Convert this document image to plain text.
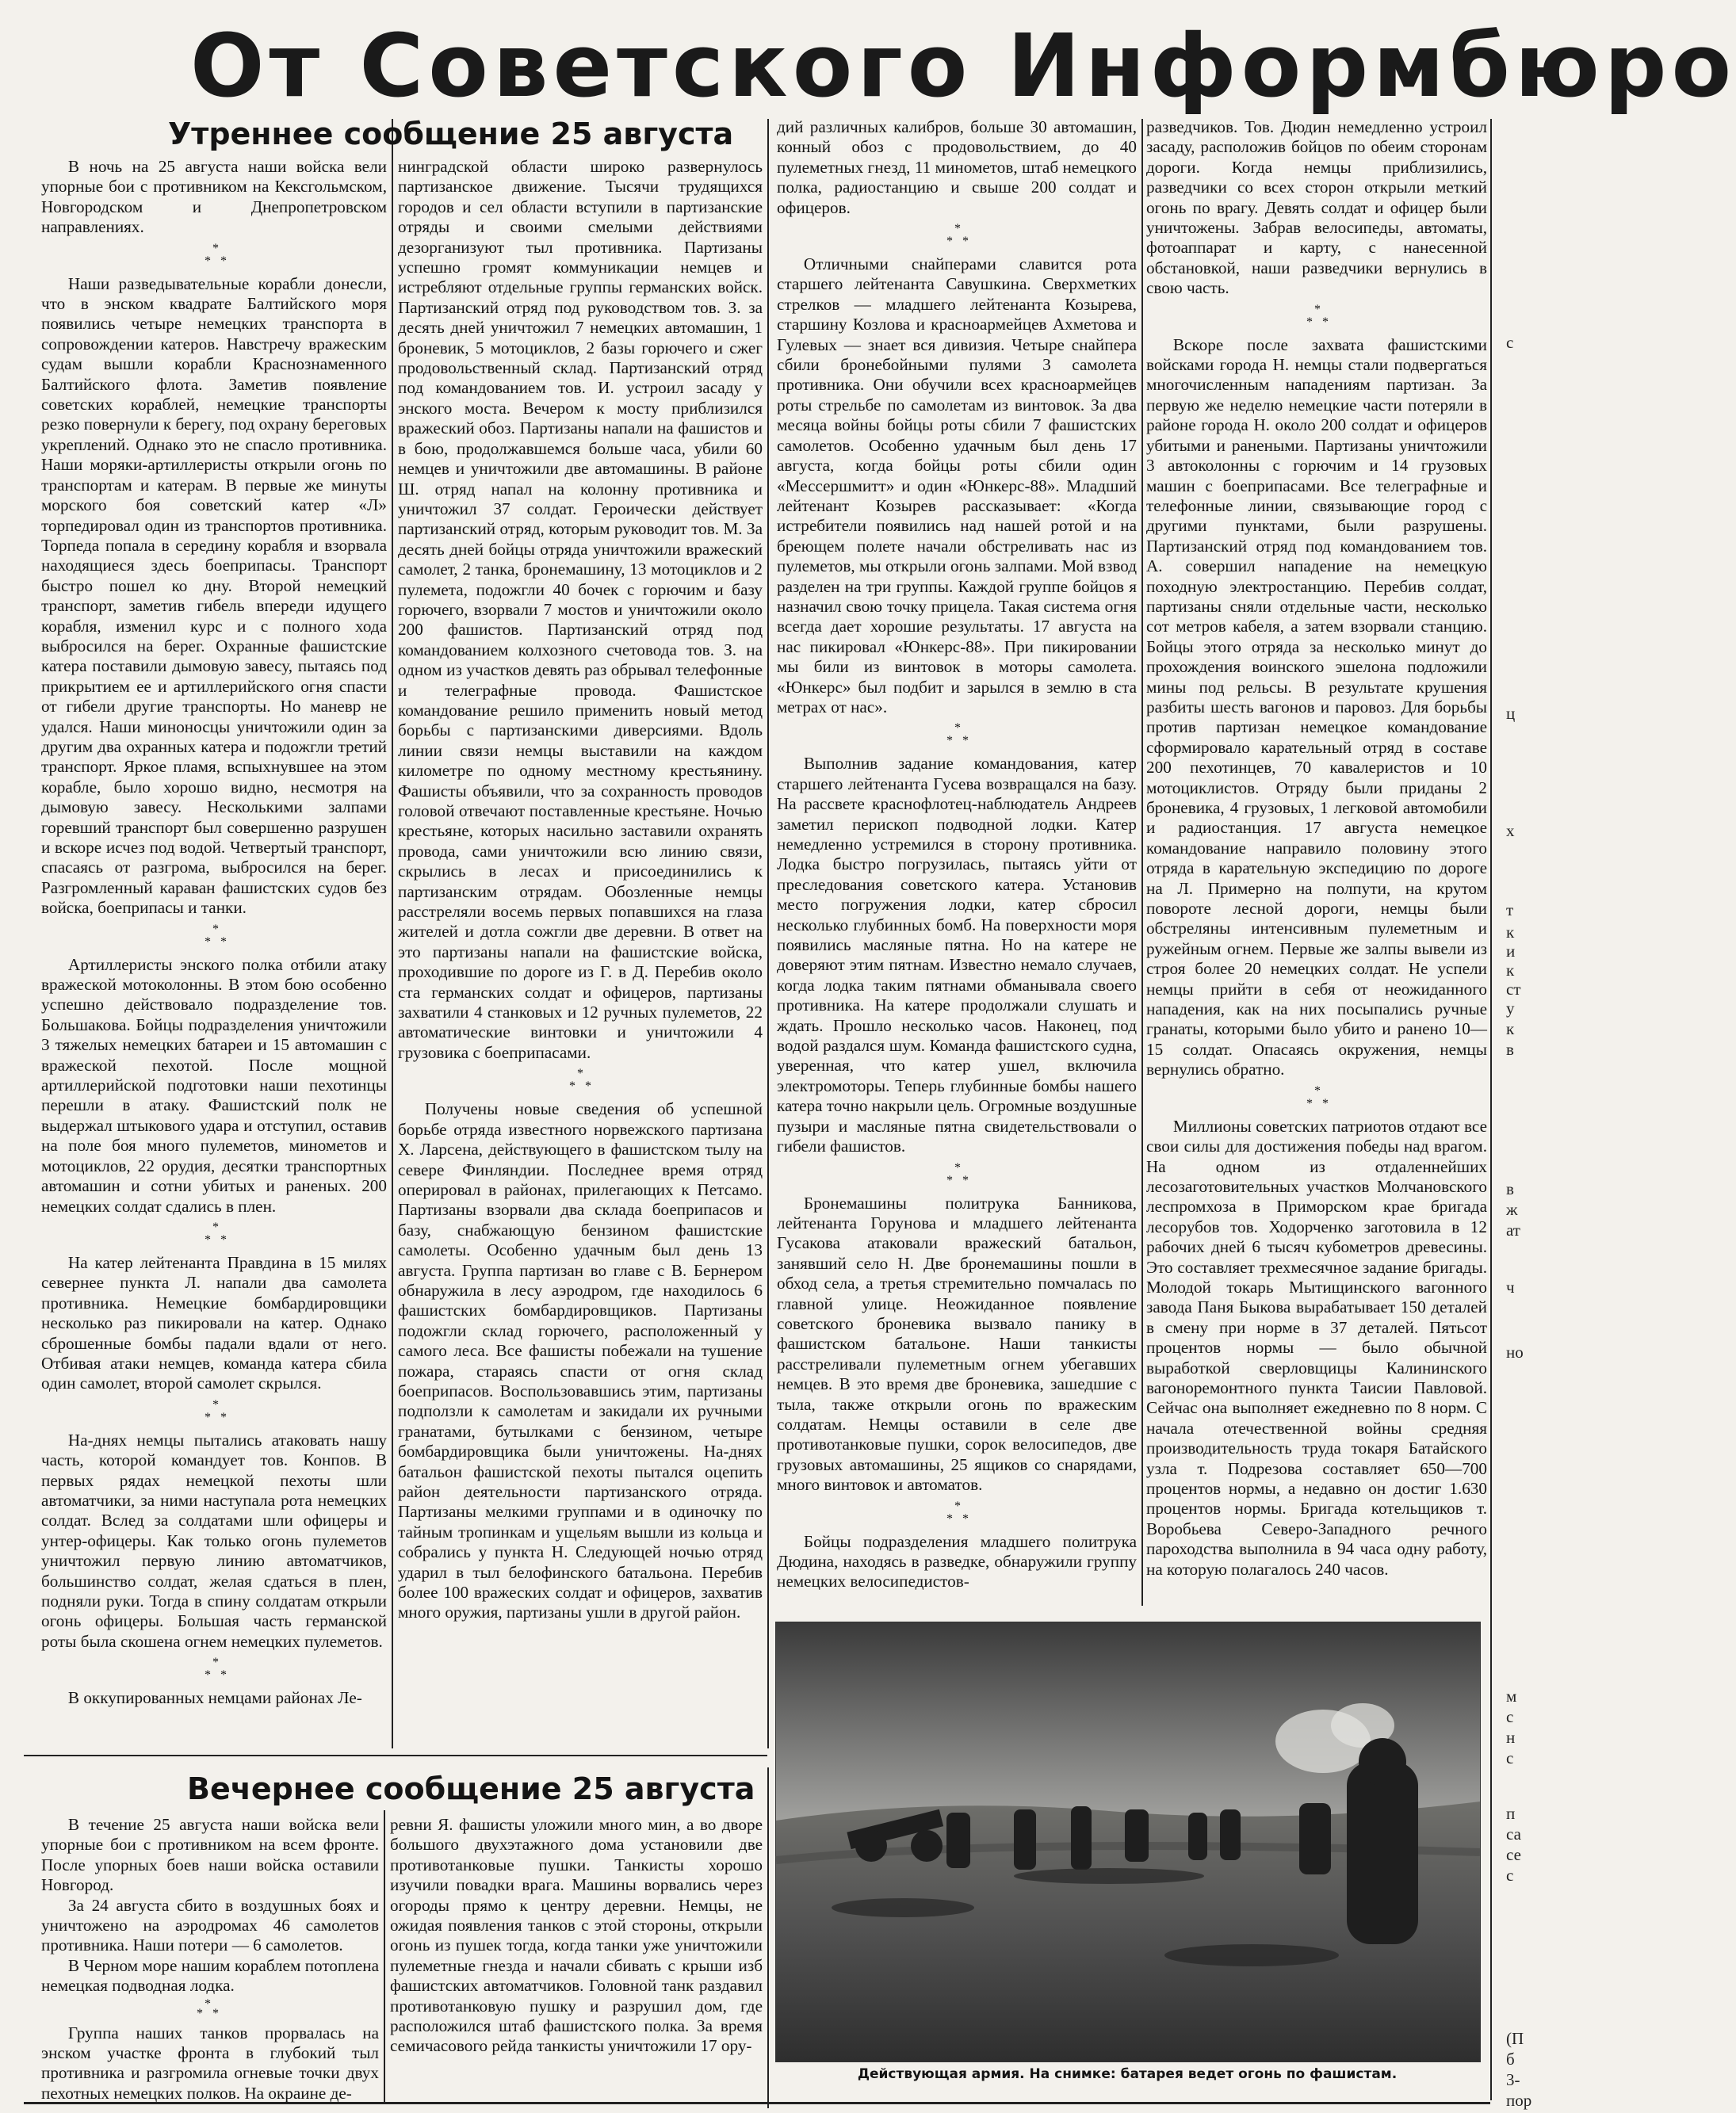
От Советского Информбюро
Утреннее сообщение 25 августа

В ночь на 25 августа наши войска вели упорные бои с противником на Кексгольмском, Новгородском и Днепропетровском направлениях.

*
* *

Наши разведывательные корабли донесли, что в энском квадрате Балтийского моря появились четыре немецких транспорта в сопровождении катеров. Навстречу вражеским судам вышли корабли Краснознаменного Балтийского флота. Заметив появление советских кораблей, немецкие транспорты резко повернули к берегу, под охрану береговых укреплений. Однако это не спасло противника. Наши моряки-артиллеристы открыли огонь по транспортам и катерам. В первые же минуты морского боя советский катер «Л» торпедировал один из транспортов противника. Торпеда попала в середину корабля и взорвала находящиеся здесь боеприпасы. Транспорт быстро пошел ко дну. Второй немецкий транспорт, заметив гибель впереди идущего корабля, изменил курс и с полного хода выбросился на берег. Охранные фашистские катера поставили дымовую завесу, пытаясь под прикрытием ее и артиллерийского огня спасти от гибели другие транспорты. Но маневр не удался. Наши миноносцы уничтожили один за другим два охранных катера и подожгли третий транспорт. Яркое пламя, вспыхнувшее на этом корабле, было хорошо видно, несмотря на дымовую завесу. Несколькими залпами горевший транспорт был совершенно разрушен и вскоре исчез под водой. Четвертый транспорт, спасаясь от разгрома, выбросился на берег. Разгромленный караван фашистских судов без войска, боеприпасы и танки.

*
* *

Артиллеристы энского полка отбили атаку вражеской мотоколонны. В этом бою особенно успешно действовало подразделение тов. Большакова. Бойцы подразделения уничтожили 3 тяжелых немецких батареи и 15 автомашин с вражеской пехотой. После мощной артиллерийской подготовки наши пехотинцы перешли в атаку. Фашистский полк не выдержал штыкового удара и отступил, оставив на поле боя много пулеметов, минометов и мотоциклов, 22 орудия, десятки транспортных автомашин и сотни убитых и раненых. 200 немецких солдат сдались в плен.

*
* *

На катер лейтенанта Правдина в 15 милях севернее пункта Л. напали два самолета противника. Немецкие бомбардировщики несколько раз пикировали на катер. Однако сброшенные бомбы падали вдали от него. Отбивая атаки немцев, команда катера сбила один самолет, второй самолет скрылся.

*
* *

На-днях немцы пытались атаковать нашу часть, которой командует тов. Конпов. В первых рядах немецкой пехоты шли автоматчики, за ними наступала рота немецких солдат. Вслед за солдатами шли офицеры и унтер-офицеры. Как только огонь пулеметов уничтожил первую линию автоматчиков, большинство солдат, желая сдаться в плен, подняли руки. Тогда в спину солдатам открыли огонь офицеры. Большая часть германской роты была скошена огнем немецких пулеметов.

*
* *

В оккупированных немцами районах Ле-

нинградской области широко развернулось партизанское движение. Тысячи трудящихся городов и сел области вступили в партизанские отряды и своими смелыми действиями дезорганизуют тыл противника. Партизаны успешно громят коммуникации немцев и истребляют отдельные группы германских войск. Партизанский отряд под руководством тов. З. за десять дней уничтожил 7 немецких автомашин, 1 броневик, 5 мотоциклов, 2 базы горючего и сжег продовольственный склад. Партизанский отряд под командованием тов. И. устроил засаду у энского моста. Вечером к мосту приблизился вражеский обоз. Партизаны напали на фашистов и в бою, продолжавшемся больше часа, убили 60 немцев и уничтожили две автомашины. В районе Ш. отряд напал на колонну противника и уничтожил 37 солдат. Героически действует партизанский отряд, которым руководит тов. М. За десять дней бойцы отряда уничтожили вражеский самолет, 2 танка, бронемашину, 13 мотоциклов и 2 пулемета, подожгли 40 бочек с горючим и базу горючего, взорвали 7 мостов и уничтожили около 200 фашистов. Партизанский отряд под командованием колхозного счетовода тов. З. на одном из участков девять раз обрывал телефонные и телеграфные провода. Фашистское командование решило применить новый метод борьбы с партизанскими диверсиями. Вдоль линии связи немцы выставили на каждом километре по одному местному крестьянину. Фашисты объявили, что за сохранность проводов головой отвечают поставленные крестьяне. Ночью крестьяне, которых насильно заставили охранять провода, сами уничтожили всю линию связи, скрылись в лесах и присоединились к партизанским отрядам. Обозленные немцы расстреляли восемь первых попавшихся на глаза жителей и дотла сожгли две деревни. В ответ на это партизаны напали на фашистские войска, проходившие по дороге из Г. в Д. Перебив около ста германских солдат и офицеров, партизаны захватили 4 станковых и 12 ручных пулеметов, 22 автоматические винтовки и уничтожили 4 грузовика с боеприпасами.

*
* *

Получены новые сведения об успешной борьбе отряда известного норвежского партизана Х. Ларсена, действующего в фашистском тылу на севере Финляндии. Последнее время отряд оперировал в районах, прилегающих к Петсамо. Партизаны взорвали два склада боеприпасов и базу, снабжающую бензином фашистские самолеты. Особенно удачным был день 13 августа. Группа партизан во главе с В. Бернером обнаружила в лесу аэродром, где находилось 6 фашистских бомбардировщиков. Партизаны подожгли склад горючего, расположенный у самого леса. Все фашисты побежали на тушение пожара, стараясь спасти от огня склад боеприпасов. Воспользовавшись этим, партизаны подползли к самолетам и закидали их ручными гранатами, бутылками с бензином, четыре бомбардировщика были уничтожены. На-днях батальон фашистской пехоты пытался оцепить район деятельности партизанского отряда. Партизаны мелкими группами и в одиночку по тайным тропинкам и ущельям вышли из кольца и собрались у пункта Н. Следующей ночью отряд ударил в тыл белофинского батальона. Перебив более 100 вражеских солдат и офицеров, захватив много оружия, партизаны ушли в другой район.

дий различных калибров, больше 30 автомашин, конный обоз с продовольствием, до 40 пулеметных гнезд, 11 минометов, штаб немецкого полка, радиостанцию и свыше 200 солдат и офицеров.

*
* *

Отличными снайперами славится рота старшего лейтенанта Савушкина. Сверхметких стрелков — младшего лейтенанта Козырева, старшину Козлова и красноармейцев Ахметова и Гулевых — знает вся дивизия. Четыре снайпера сбили бронебойными пулями 3 самолета противника. Они обучили всех красноармейцев роты стрельбе по самолетам из винтовок. За два месяца войны бойцы роты сбили 7 фашистских самолетов. Особенно удачным был день 17 августа, когда бойцы роты сбили один «Мессершмитт» и один «Юнкерс-88». Младший лейтенант Козырев рассказывает: «Когда истребители появились над нашей ротой и на бреющем полете начали обстреливать нас из пулеметов, мы открыли огонь залпами. Мой взвод разделен на три группы. Каждой группе бойцов я назначил свою точку прицела. Такая система огня всегда дает хорошие результаты. 17 августа на нас пикировал «Юнкерс-88». При пикировании мы били из винтовок в моторы самолета. «Юнкерс» был подбит и зарылся в землю в ста метрах от нас».

*
* *

Выполнив задание командования, катер старшего лейтенанта Гусева возвращался на базу. На рассвете краснофлотец-наблюдатель Андреев заметил перископ подводной лодки. Катер немедленно устремился в сторону противника. Лодка быстро погрузилась, пытаясь уйти от преследования советского катера. Установив место погружения лодки, катер сбросил несколько глубинных бомб. На поверхности моря появились масляные пятна. Но на катере не доверяют этим пятнам. Известно немало случаев, когда лодка таким пятнами обманывала своего противника. На катере продолжали слушать и ждать. Прошло несколько часов. Наконец, под водой раздался шум. Команда фашистского судна, уверенная, что катер ушел, включила электромоторы. Теперь глубинные бомбы нашего катера точно накрыли цель. Огромные воздушные пузыри и масляные пятна свидетельствовали о гибели фашистов.

*
* *

Бронемашины политрука Банникова, лейтенанта Горунова и младшего лейтенанта Гусакова атаковали вражеский батальон, занявший село Н. Две бронемашины пошли в обход села, а третья стремительно помчалась по главной улице. Неожиданное появление советского броневика вызвало панику в фашистском батальоне. Наши танкисты расстреливали пулеметным огнем убегавших немцев. В это время две броневика, зашедшие с тыла, также открыли огонь по вражеским солдатам. Немцы оставили в селе две противотанковые пушки, сорок велосипедов, две грузовых автомашины, 25 ящиков со снарядами, много винтовок и автоматов.

*
* *

Бойцы подразделения младшего политрука Дюдина, находясь в разведке, обнаружили группу немецких велосипедистов-

разведчиков. Тов. Дюдин немедленно устроил засаду, расположив бойцов по обеим сторонам дороги. Когда немцы приблизились, разведчики со всех сторон открыли меткий огонь по врагу. Девять солдат и офицер были уничтожены. Забрав велосипеды, автоматы, фотоаппарат и карту, с нанесенной обстановкой, наши разведчики вернулись в свою часть.

*
* *

Вскоре после захвата фашистскими войсками города Н. немцы стали подвергаться многочисленным нападениям партизан. За первую же неделю немецкие части потеряли в районе города Н. около 200 солдат и офицеров убитыми и ранеными. Партизаны уничтожили 3 автоколонны с горючим и 14 грузовых машин с боеприпасами. Все телеграфные и телефонные линии, связывающие город с другими пунктами, были разрушены. Партизанский отряд под командованием тов. А. совершил нападение на немецкую походную электростанцию. Перебив солдат, партизаны сняли отдельные части, несколько сот метров кабеля, а затем взорвали станцию. Бойцы этого отряда за несколько минут до прохождения воинского эшелона подложили мины под рельсы. В результате крушения разбиты шесть вагонов и паровоз. Для борьбы против партизан немецкое командование сформировало карательный отряд в составе 200 пехотинцев, 70 кавалеристов и 10 мотоциклистов. Отряду были приданы 2 броневика, 4 грузовых, 1 легковой автомобили и радиостанция. 17 августа немецкое командование направило половину этого отряда в карательную экспедицию по дороге на Л. Примерно на полпути, на крутом повороте лесной дороги, немцы были обстреляны интенсивным пулеметным и ружейным огнем. Первые же залпы вывели из строя более 20 немецких солдат. Не успели немцы прийти в себя от неожиданного нападения, как на них посыпались ручные гранаты, которыми было убито и ранено 10—15 солдат. Опасаясь окружения, немцы вернулись обратно.

*
* *

Миллионы советских патриотов отдают все свои силы для достижения победы над врагом. На одном из отдаленнейших лесозаготовительных участков Молчановского леспромхоза в Приморском крае бригада лесорубов тов. Ходорченко заготовила в 12 рабочих дней 6 тысяч кубометров древесины. Это составляет трехмесячное задание бригады. Молодой токарь Мытищинского вагонного завода Паня Быкова вырабатывает 150 деталей в смену при норме в 37 деталей. Пятьсот процентов нормы — было обычной выработкой сверловщицы Калининского вагоноремонтного пункта Таисии Павловой. Сейчас она выполняет ежедневно по 8 норм. С начала отечественной войны средняя производительность труда токаря Батайского узла т. Подрезова составляет 650—700 процентов нормы, а недавно он достиг 1.630 процентов нормы. Бригада котельщиков т. Воробьева Северо-Западного речного пароходства выполнила в 94 часа одну работу, на которую полагалось 240 часов.

Вечернее сообщение 25 августа

В течение 25 августа наши войска вели упорные бои с противником на всем фронте. После упорных боев наши войска оставили Новгород.

За 24 августа сбито в воздушных боях и уничтожено на аэродромах 46 самолетов противника. Наши потери — 6 самолетов.

В Черном море нашим кораблем потоплена немецкая подводная лодка.

*
* *

Группа наших танков прорвалась на энском участке фронта в глубокий тыл противника и разгромила огневые точки двух пехотных немецких полков. На окраине де-

ревни Я. фашисты уложили много мин, а во дворе большого двухэтажного дома установили две противотанковые пушки. Танкисты хорошо изучили повадки врага. Машины ворвались через огороды прямо к центру деревни. Немцы, не ожидая появления танков с этой стороны, открыли огонь из пушек тогда, когда танки уже уничтожили пулеметные гнезда и начали сбивать с крыши изб фашистских автоматчиков. Головной танк раздавил противотанковую пушку и разрушил дом, где расположился штаб фашистского полка. За время семичасового рейда танкисты уничтожили 17 ору-

Действующая армия. На снимке: батарея ведет огонь по фашистам.
с
ц
x
т
к
и
к
ст
у
к
в
в
ж
ат
ч
но
м
с
н
с
п
са
се
с
(П
б
3-
пор
